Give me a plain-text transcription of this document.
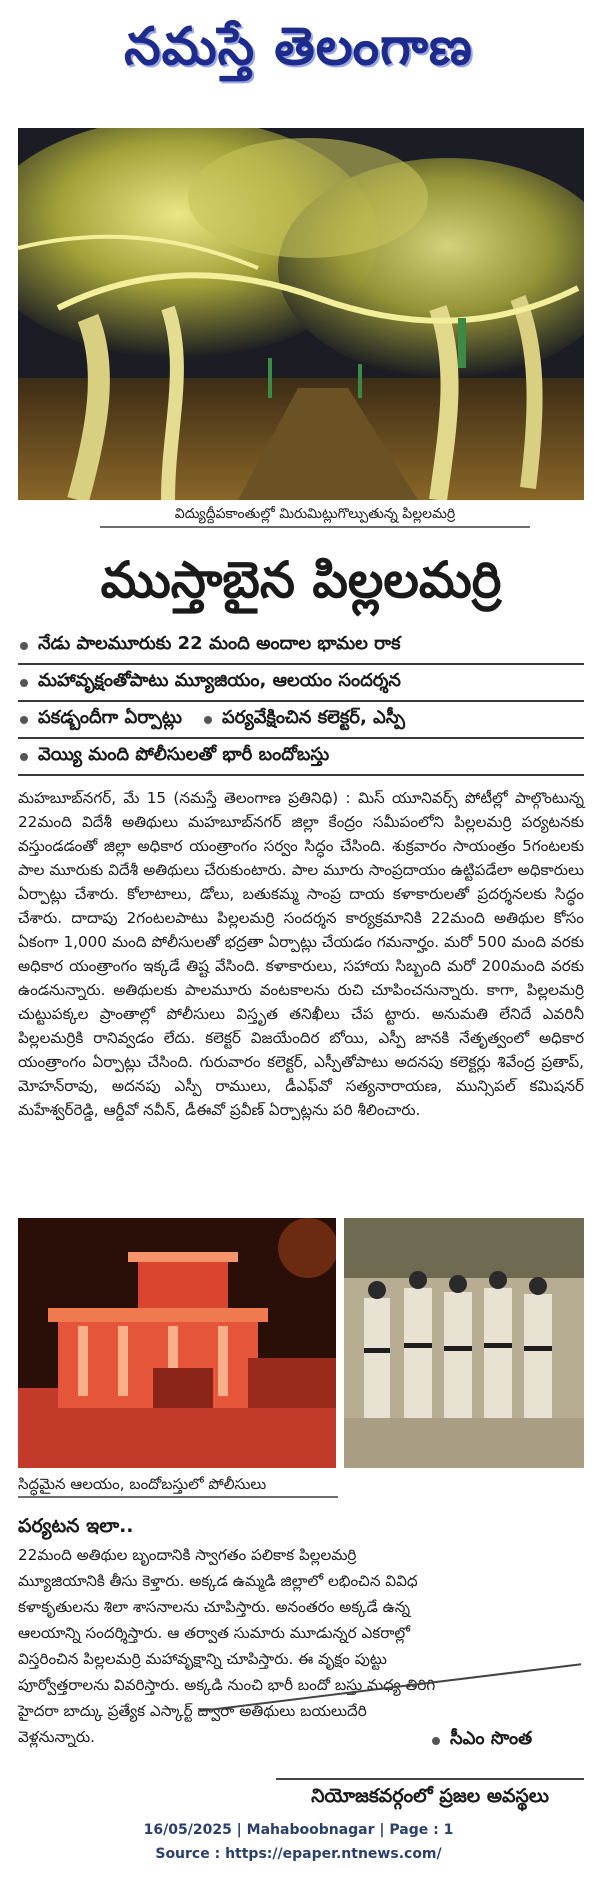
నమస్తే తెలంగాణ
విద్యుద్దీపకాంతుల్లో మిరుమిట్లుగొల్పుతున్న పిల్లలమర్రి
ముస్తాబైన పిల్లలమర్రి
నేడు పాలమూరుకు 22 మంది అందాల భామల రాక
మహావృక్షంతోపాటు మ్యూజియం, ఆలయం సందర్శన
పకడ్బందీగా ఏర్పాట్లు పర్యవేక్షించిన కలెక్టర్, ఎస్పీ
వెయ్యి మంది పోలీసులతో భారీ బందోబస్తు
మహబూబ్‌నగర్, మే 15 (నమస్తే తెలంగాణ ప్రతినిధి) : మిస్ యూనివర్స్ పోటీల్లో పాల్గొంటున్న 22మంది విదేశీ అతిథులు మహబూబ్‌నగర్ జిల్లా కేంద్రం సమీపంలోని పిల్లలమర్రి పర్యటనకు వస్తుండడంతో జిల్లా అధికార యంత్రాంగం సర్వం సిద్ధం చేసింది. శుక్రవారం సాయంత్రం 5గంటలకు పాల మూరుకు విదేశీ అతిథులు చేరుకుంటారు. పాల మూరు సాంప్రదాయం ఉట్టిపడేలా అధికారులు ఏర్పాట్లు చేశారు. కోలాటాలు, డోలు, బతుకమ్మ సాంప్ర దాయ కళాకారులతో ప్రదర్శనలకు సిద్ధం చేశారు. దాదాపు 2గంటలపాటు పిల్లలమర్రి సందర్శన కార్యక్రమానికి 22మంది అతిథుల కోసం ఏకంగా 1,000 మంది పోలీసులతో భద్రతా ఏర్పాట్లు చేయడం గమనార్హం. మరో 500 మంది వరకు అధికార యంత్రాంగం ఇక్కడే తిష్ట వేసింది. కళాకారులు, సహాయ సిబ్బంది మరో 200మంది వరకు ఉండనున్నారు. అతిథులకు పాలమూరు వంటకాలను రుచి చూపించనున్నారు. కాగా, పిల్లలమర్రి చుట్టుపక్కల ప్రాంతాల్లో పోలీసులు విస్తృత తనిఖీలు చేప ట్టారు. అనుమతి లేనిదే ఎవరినీ పిల్లలమర్రికి రానివ్వడం లేదు. కలెక్టర్ విజయేందిర బోయి, ఎస్పీ జానకి నేతృత్వంలో అధికార యంత్రాంగం ఏర్పాట్లు చేసింది. గురువారం కలెక్టర్, ఎస్పీతోపాటు అదనపు కలెక్టర్లు శివేంద్ర ప్రతాప్, మోహన్‌రావు, అదనపు ఎస్పీ రాములు, డీఎఫ్‌వో సత్యనారాయణ, మున్సిపల్ కమిషనర్ మహేశ్వర్‌రెడ్డి, ఆర్డీవో నవీన్, డీఈవో ప్రవీణ్ ఏర్పాట్లను పరి శీలించారు.
సిద్ధమైన ఆలయం, బందోబస్తులో పోలీసులు
పర్యటన ఇలా..
22మంది అతిథుల బృందానికి స్వాగతం పలికాక పిల్లలమర్రి మ్యూజియానికి తీసు కెళ్తారు. అక్కడ ఉమ్మడి జిల్లాలో లభించిన వివిధ కళాకృతులను శిలా శాసనాలను చూపిస్తారు. అనంతరం అక్కడే ఉన్న ఆలయాన్ని సందర్శిస్తారు. ఆ తర్వాత సుమారు మూడున్నర ఎకరాల్లో విస్తరించిన పిల్లలమర్రి మహావృక్షాన్ని చూపిస్తారు. ఈ వృక్షం పుట్టు పూర్వోత్తరాలను వివరిస్తారు. అక్కడి నుంచి భారీ బందో బస్తు మధ్య తిరిగి హైదరా బాద్కు ప్రత్యేక ఎస్కార్ట్ ద్వారా అతిథులు బయలుదేరి వెళ్లనున్నారు.	సీఎం సొంత
నియోజకవర్గంలో ప్రజల అవస్థలు
16/05/2025 | Mahaboobnagar | Page : 1
Source : https://epaper.ntnews.com/
